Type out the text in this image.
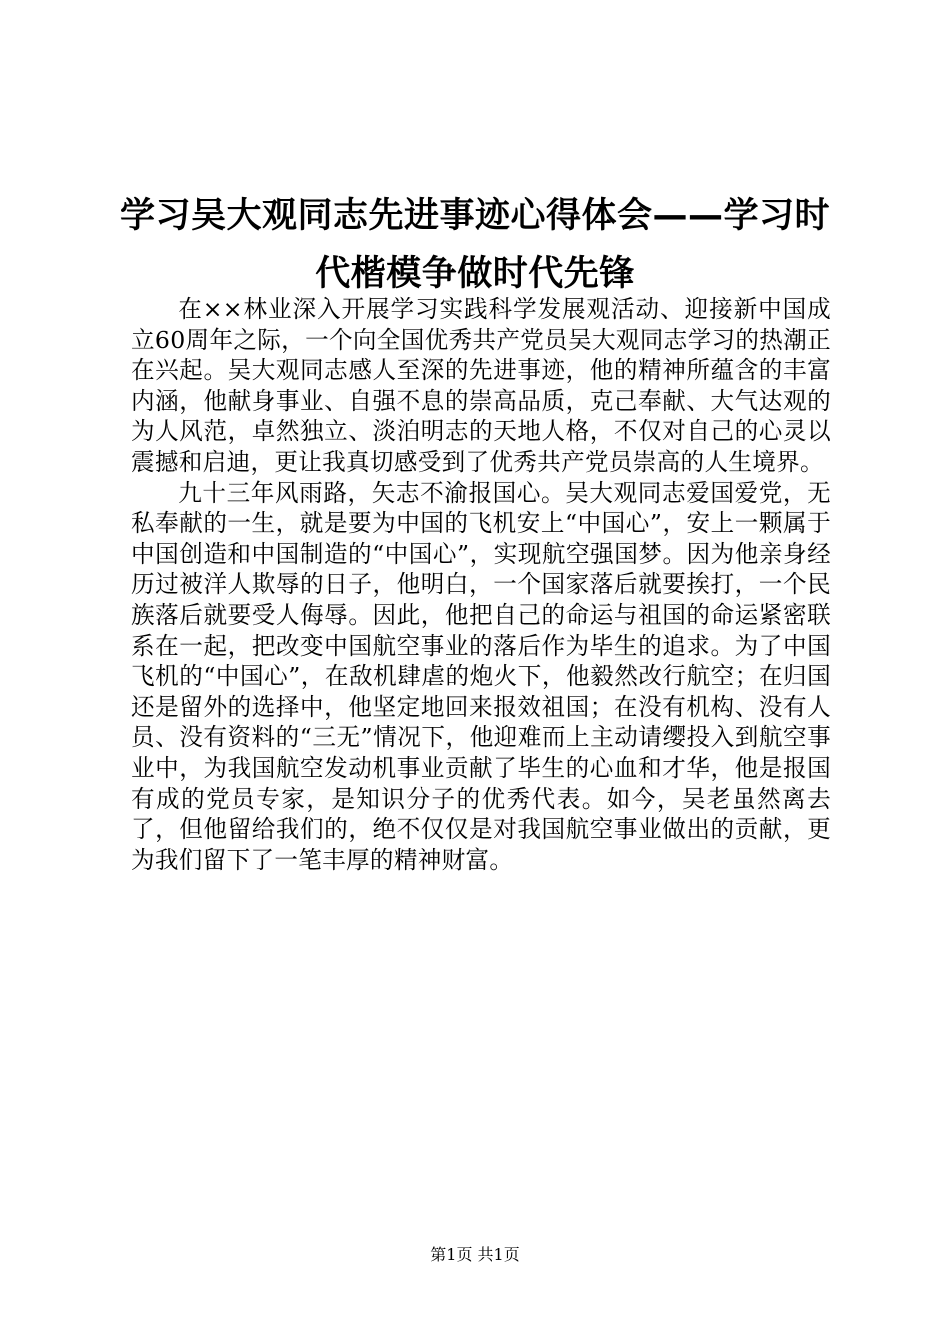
学习吴大观同志先进事迹心得体会——学习时
代楷模争做时代先锋

在××林业深入开展学习实践科学发展观活动、迎接新中国成立60周年之际，一个向全国优秀共产党员吴大观同志学习的热潮正在兴起。吴大观同志感人至深的先进事迹，他的精神所蕴含的丰富内涵，他献身事业、自强不息的崇高品质，克己奉献、大气达观的为人风范，卓然独立、淡泊明志的天地人格，不仅对自己的心灵以震撼和启迪，更让我真切感受到了优秀共产党员崇高的人生境界。

九十三年风雨路，矢志不渝报国心。吴大观同志爱国爱党，无私奉献的一生，就是要为中国的飞机安上“中国心”，安上一颗属于中国创造和中国制造的“中国心”，实现航空强国梦。因为他亲身经历过被洋人欺辱的日子，他明白，一个国家落后就要挨打，一个民族落后就要受人侮辱。因此，他把自己的命运与祖国的命运紧密联系在一起，把改变中国航空事业的落后作为毕生的追求。为了中国飞机的“中国心”，在敌机肆虐的炮火下，他毅然改行航空；在归国还是留外的选择中，他坚定地回来报效祖国；在没有机构、没有人员、没有资料的“三无”情况下，他迎难而上主动请缨投入到航空事业中，为我国航空发动机事业贡献了毕生的心血和才华，他是报国有成的党员专家，是知识分子的优秀代表。如今，吴老虽然离去了，但他留给我们的，绝不仅仅是对我国航空事业做出的贡献，更为我们留下了一笔丰厚的精神财富。

第1页 共1页
